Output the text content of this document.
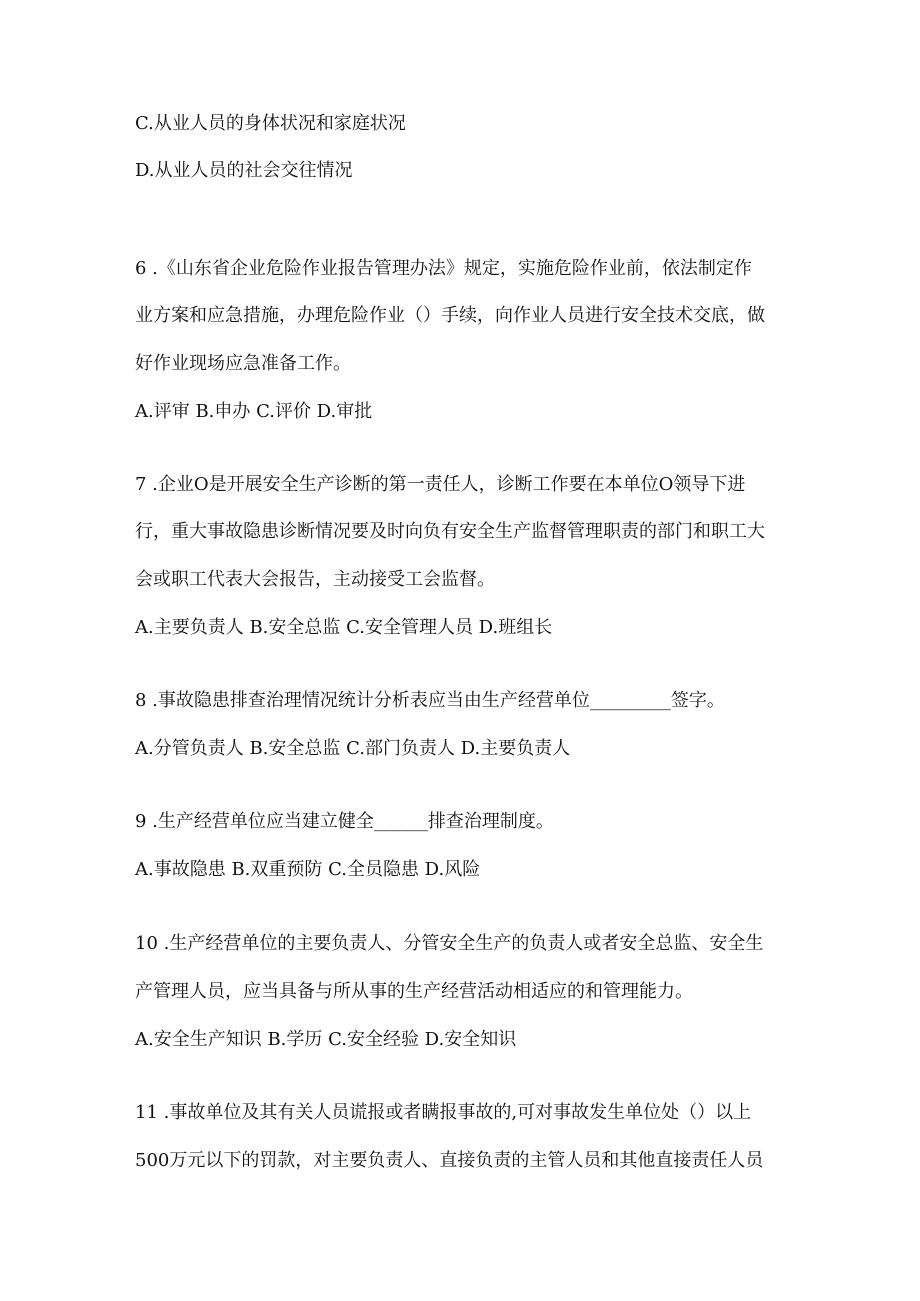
C.从业人员的身体状况和家庭状况

D.从业人员的社会交往情况

6 .《山东省企业危险作业报告管理办法》规定，实施危险作业前，依法制定作

业方案和应急措施，办理危险作业（）手续，向作业人员进行安全技术交底，做

好作业现场应急准备工作。

A.评审 B.申办 C.评价 D.审批

7 .企业O是开展安全生产诊断的第一责任人，诊断工作要在本单位O领导下进

行，重大事故隐患诊断情况要及时向负有安全生产监督管理职责的部门和职工大

会或职工代表大会报告，主动接受工会监督。

A.主要负责人 B.安全总监 C.安全管理人员 D.班组长

8 .事故隐患排查治理情况统计分析表应当由生产经营单位_________签字。

A.分管负责人 B.安全总监 C.部门负责人 D.主要负责人

9 .生产经营单位应当建立健全______排查治理制度。

A.事故隐患 B.双重预防 C.全员隐患 D.风险

10 .生产经营单位的主要负责人、分管安全生产的负责人或者安全总监、安全生

产管理人员，应当具备与所从事的生产经营活动相适应的和管理能力。

A.安全生产知识 B.学历 C.安全经验 D.安全知识

11 .事故单位及其有关人员谎报或者瞒报事故的,可对事故发生单位处（）以上

500万元以下的罚款，对主要负责人、直接负责的主管人员和其他直接责任人员
